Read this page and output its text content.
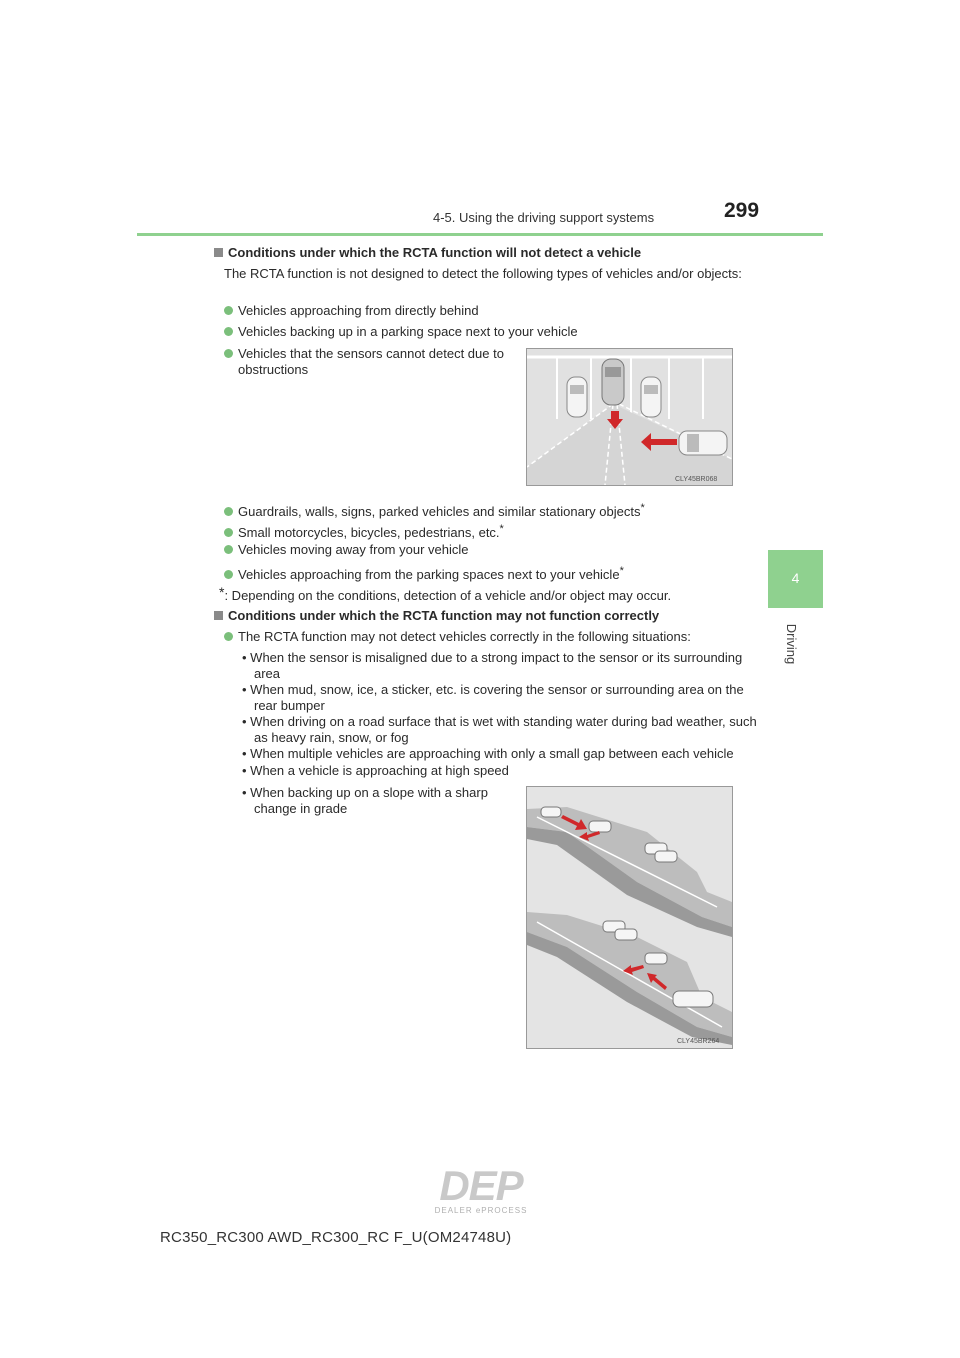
4-5. Using the driving support systems	299
4
Driving
Conditions under which the RCTA function will not detect a vehicle
The RCTA function is not designed to detect the following types of vehicles and/or objects:
Vehicles approaching from directly behind
Vehicles backing up in a parking space next to your vehicle
Vehicles that the sensors cannot detect due to obstructions
CLY45BR068
Guardrails, walls, signs, parked vehicles and similar stationary objects*
Small motorcycles, bicycles, pedestrians, etc.*
Vehicles moving away from your vehicle
Vehicles approaching from the parking spaces next to your vehicle*
*: Depending on the conditions, detection of a vehicle and/or object may occur.
Conditions under which the RCTA function may not function correctly
The RCTA function may not detect vehicles correctly in the following situations:
• When the sensor is misaligned due to a strong impact to the sensor or its surrounding area
• When mud, snow, ice, a sticker, etc. is covering the sensor or surrounding area on the rear bumper
• When driving on a road surface that is wet with standing water during bad weather, such as heavy rain, snow, or fog
• When multiple vehicles are approaching with only a small gap between each vehicle
• When a vehicle is approaching at high speed
• When backing up on a slope with a sharp change in grade
CLY45BR264
DEP
DEALER ePROCESS
RC350_RC300 AWD_RC300_RC F_U(OM24748U)
